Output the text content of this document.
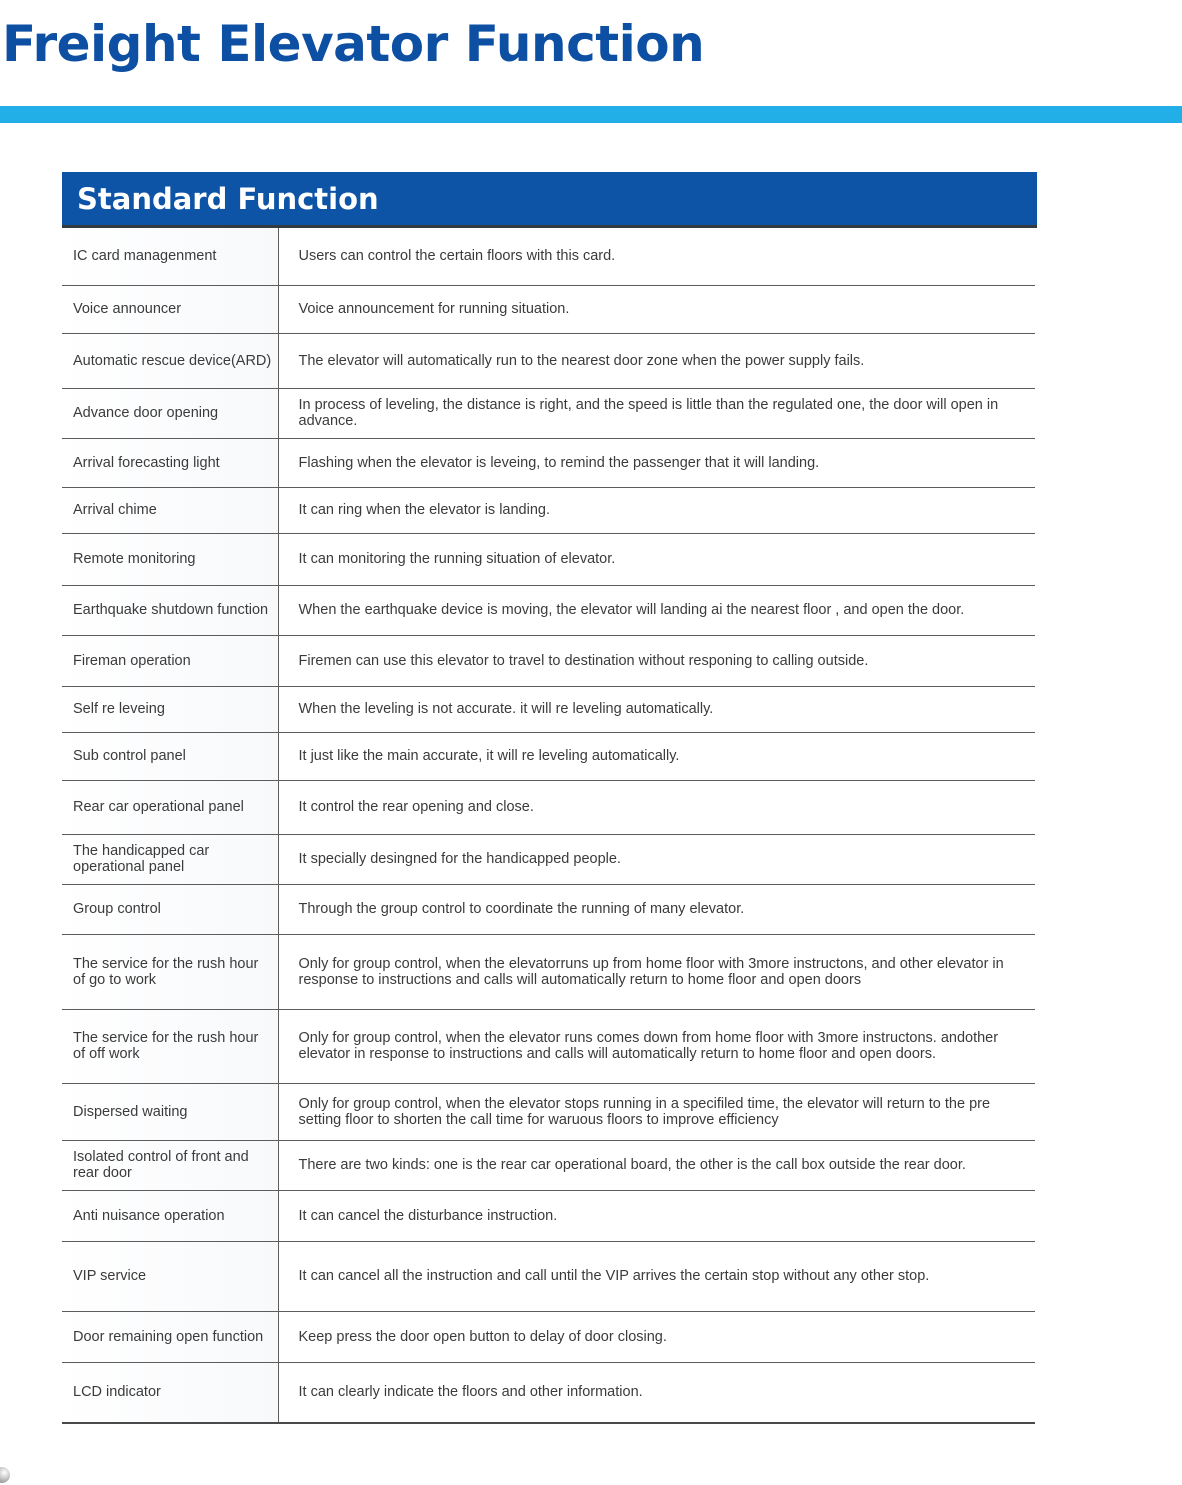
Freight Elevator Function
Standard Function
IC card managenment	Users can control the certain floors with this card.

Voice announcer	Voice announcement for running situation.

Automatic rescue device(ARD)	The elevator will automatically run to the nearest door zone when the power supply fails.

Advance door opening	In process of leveling, the distance is right, and the speed is little than the regulated one, the door will open in advance.

Arrival forecasting light	Flashing when the elevator is leveing, to remind the passenger that it will landing.

Arrival chime	It can ring when the elevator is landing.

Remote monitoring	It can monitoring the running situation of elevator.

Earthquake shutdown function	When the earthquake device is moving, the elevator will landing ai the nearest floor , and open the door.

Fireman operation	Firemen can use this elevator to travel to destination without responing to calling outside.

Self re leveing	When the leveling is not accurate. it will re leveling automatically.

Sub control panel	It just like the main accurate, it will re leveling automatically.

Rear car operational panel	It control the rear opening and close.

The handicapped car operational panel	It specially desingned for the handicapped people.

Group control	Through the group control to coordinate the running of many elevator.

The service for the rush hour of go to work	Only for group control, when the elevatorruns up from home floor with 3more instructons, and other elevator in response to instructions and calls will automatically return to home floor and open doors

The service for the rush hour of off work	Only for group control, when the elevator runs comes down from home floor with 3more instructons. andother elevator in response to instructions and calls will automatically return to home floor and open doors.

Dispersed waiting	Only for group control, when the elevator stops running in a specifiled time, the elevator will return to the pre setting floor to shorten the call time for waruous floors to improve efficiency

Isolated control of front and rear door	There are two kinds: one is the rear car operational board, the other is the call box outside the rear door.

Anti nuisance operation	It can cancel the disturbance instruction.

VIP service	It can cancel all the instruction and call until the VIP arrives the certain stop without any other stop.

Door remaining open function	Keep press the door open button to delay of door closing.

LCD indicator	It can clearly indicate the floors and other information.
